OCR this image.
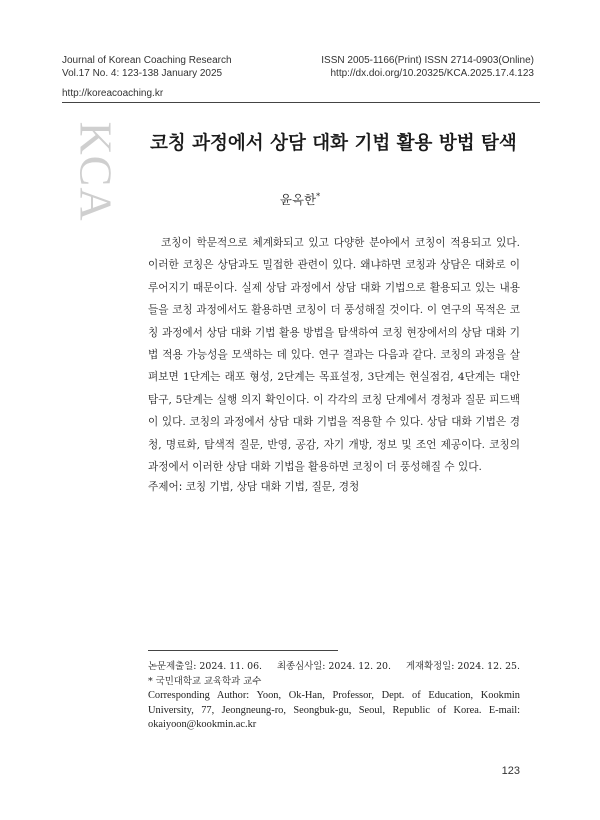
Journal of Korean Coaching Research
Vol.17 No. 4: 123-138 January 2025
ISSN 2005-1166(Print) ISSN 2714-0903(Online)
http://dx.doi.org/10.20325/KCA.2025.17.4.123
http://koreacoaching.kr
KCA 코칭 과정에서 상담 대화 기법 활용 방법 탐색
윤옥한*

코칭이 학문적으로 체계화되고 있고 다양한 분야에서 코칭이 적용되고 있다. 이러한 코칭은 상담과도 밀접한 관련이 있다. 왜냐하면 코칭과 상담은 대화로 이루어지기 때문이다. 실제 상담 과정에서 상담 대화 기법으로 활용되고 있는 내용들을 코칭 과정에서도 활용하면 코칭이 더 풍성해질 것이다. 이 연구의 목적은 코칭 과정에서 상담 대화 기법 활용 방법을 탐색하여 코칭 현장에서의 상담 대화 기법 적용 가능성을 모색하는 데 있다. 연구 결과는 다음과 같다. 코칭의 과정을 살펴보면 1단계는 래포 형성, 2단계는 목표설정, 3단계는 현실점검, 4단계는 대안 탐구, 5단계는 실행 의지 확인이다. 이 각각의 코칭 단계에서 경청과 질문 피드백이 있다. 코칭의 과정에서 상담 대화 기법을 적용할 수 있다. 상담 대화 기법은 경청, 명료화, 탐색적 질문, 반영, 공감, 자기 개방, 정보 및 조언 제공이다. 코칭의 과정에서 이러한 상담 대화 기법을 활용하면 코칭이 더 풍성해질 수 있다.

주제어: 코칭 기법, 상담 대화 기법, 질문, 경청
논문제출일: 2024. 11. 06. 최종심사일: 2024. 12. 20. 게재확정일: 2024. 12. 25.
* 국민대학교 교육학과 교수
Corresponding Author: Yoon, Ok-Han, Professor, Dept. of Education, Kookmin University, 77, Jeongneung-ro, Seongbuk-gu, Seoul, Republic of Korea. E-mail: okaiyoon@kookmin.ac.kr
123
